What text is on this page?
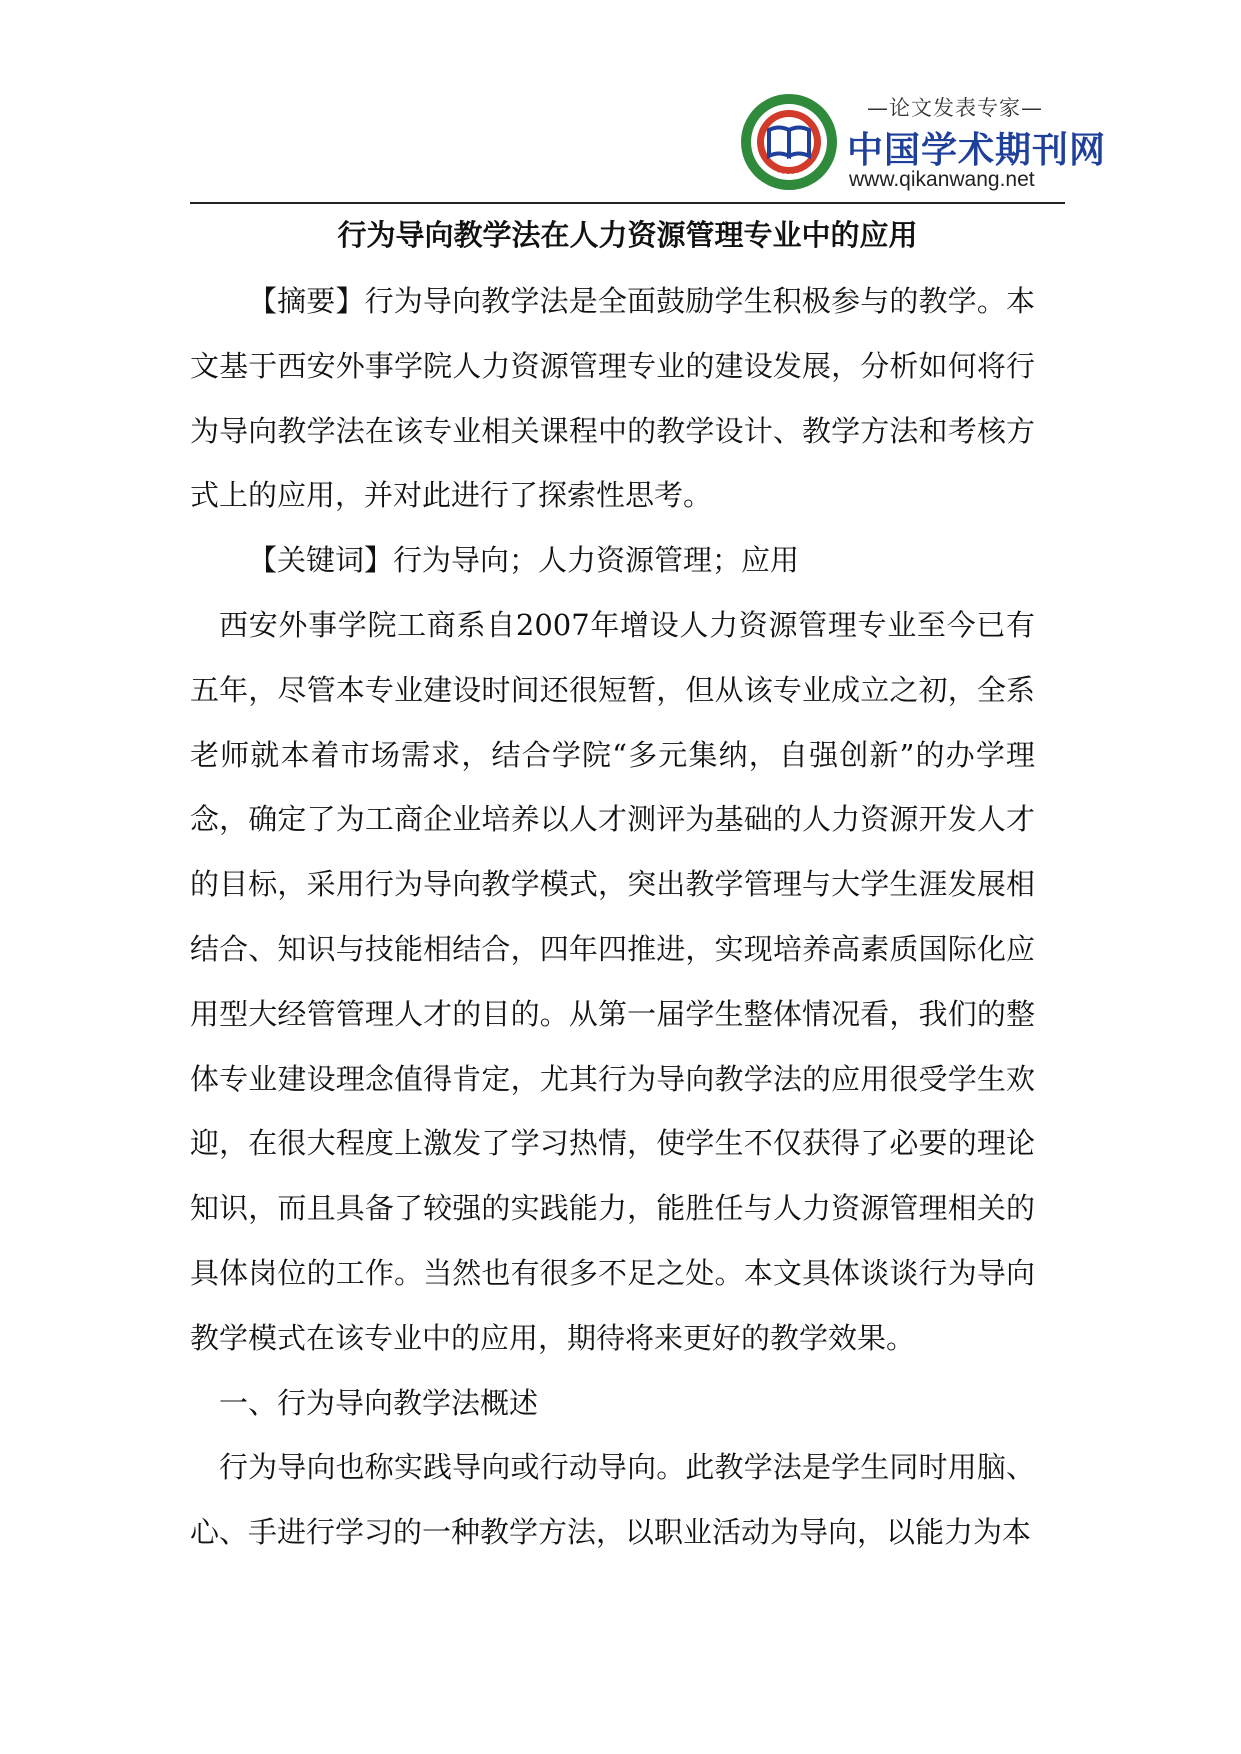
—论文发表专家—
中国学术期刊网
www.qikanwang.net
行为导向教学法在人力资源管理专业中的应用

【摘要】行为导向教学法是全面鼓励学生积极参与的教学。本文基于西安外事学院人力资源管理专业的建设发展，分析如何将行为导向教学法在该专业相关课程中的教学设计、教学方法和考核方式上的应用，并对此进行了探索性思考。

【关键词】行为导向；人力资源管理；应用

西安外事学院工商系自2007年增设人力资源管理专业至今已有五年，尽管本专业建设时间还很短暂，但从该专业成立之初，全系老师就本着市场需求，结合学院“多元集纳，自强创新”的办学理念，确定了为工商企业培养以人才测评为基础的人力资源开发人才的目标，采用行为导向教学模式，突出教学管理与大学生涯发展相结合、知识与技能相结合，四年四推进，实现培养高素质国际化应用型大经管管理人才的目的。从第一届学生整体情况看，我们的整体专业建设理念值得肯定，尤其行为导向教学法的应用很受学生欢迎，在很大程度上激发了学习热情，使学生不仅获得了必要的理论知识，而且具备了较强的实践能力，能胜任与人力资源管理相关的具体岗位的工作。当然也有很多不足之处。本文具体谈谈行为导向教学模式在该专业中的应用，期待将来更好的教学效果。

一、行为导向教学法概述

行为导向也称实践导向或行动导向。此教学法是学生同时用脑、心、手进行学习的一种教学方法，以职业活动为导向，以能力为本
